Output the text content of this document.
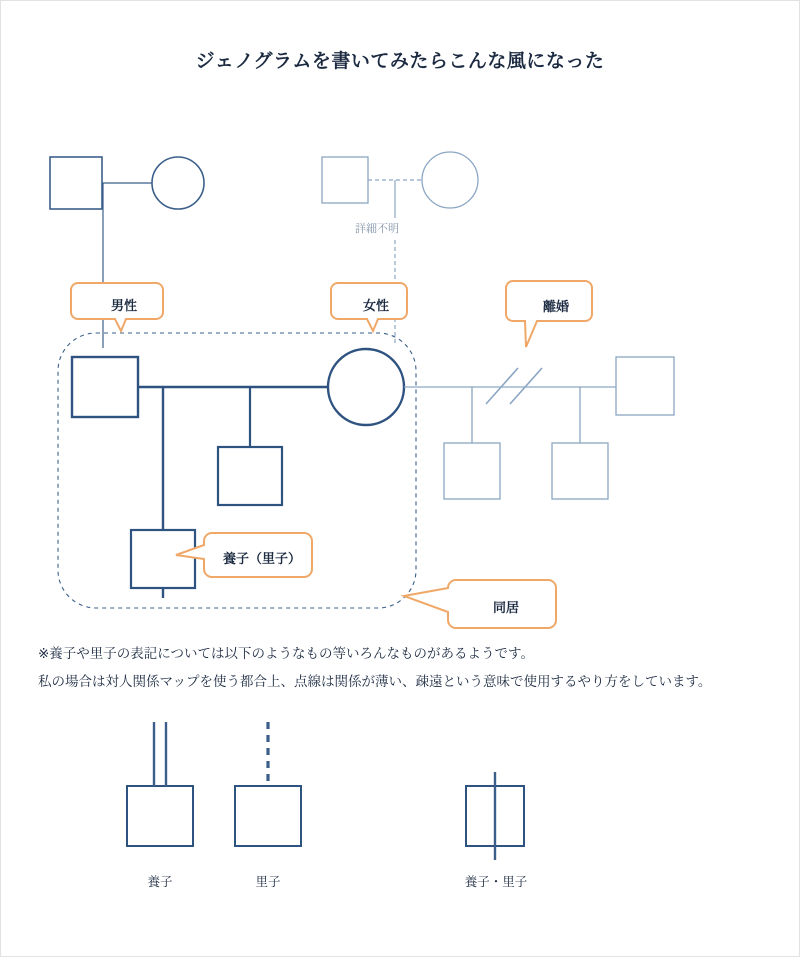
ジェノグラムを書いてみたらこんな風になった
男性	女性	離婚
養子（里子）
同居
詳細不明
※養子や里子の表記については以下のようなもの等いろんなものがあるようです。
私の場合は対人関係マップを使う都合上、点線は関係が薄い、疎遠という意味で使用するやり方をしています。
養子	里子	養子・里子
